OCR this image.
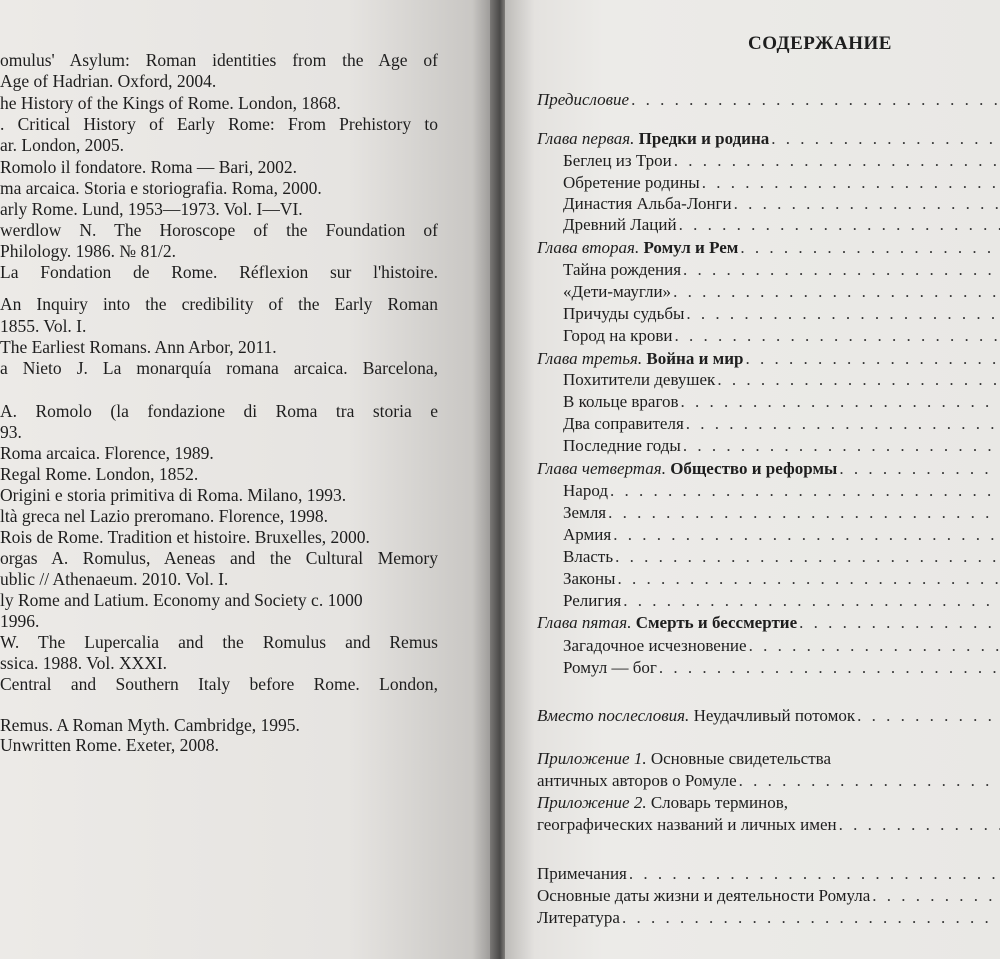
omulus' Asylum: Roman identities from the Age of
Age of Hadrian. Oxford, 2004.
he History of the Kings of Rome. London, 1868.
. Critical History of Early Rome: From Prehistory to
ar. London, 2005.
Romolo il fondatore. Roma — Bari, 2002.
ma arcaica. Storia e storiografia. Roma, 2000.
arly Rome. Lund, 1953—1973. Vol. I—VI.
werdlow N. The Horoscope of the Foundation of
Philology. 1986. № 81/2.
La Fondation de Rome. Réflexion sur l'histoire.
An Inquiry into the credibility of the Early Roman
1855. Vol. I.
The Earliest Romans. Ann Arbor, 2011.
a Nieto J. La monarquía romana arcaica. Barcelona,
A. Romolo (la fondazione di Roma tra storia e
93.
Roma arcaica. Florence, 1989.
Regal Rome. London, 1852.
Origini e storia primitiva di Roma. Milano, 1993.
ltà greca nel Lazio preromano. Florence, 1998.
Rois de Rome. Tradition et histoire. Bruxelles, 2000.
orgas A. Romulus, Aeneas and the Cultural Memory
ublic // Athenaeum. 2010. Vol. I.
ly Rome and Latium. Economy and Society c. 1000
1996.
W. The Lupercalia and the Romulus and Remus
ssica. 1988. Vol. XXXI.
Central and Southern Italy before Rome. London,
Remus. A Roman Myth. Cambridge, 1995.
Unwritten Rome. Exeter, 2008.
СОДЕРЖАНИЕ
Предисловие
. . .
Глава первая. Предки и родина
. . .
Беглец из Трои
. . .
Обретение родины
. . .
Династия Альба-Лонги
. . .
Древний Лаций
. . .
Глава вторая. Ромул и Рем
. . .
Тайна рождения
. . .
«Дети-маугли»
. . .
Причуды судьбы
. . .
Город на крови
. . .
Глава третья. Война и мир
. . .
Похитители девушек
. . .
В кольце врагов
. . .
Два соправителя
. . .
Последние годы
. . .
Глава четвертая. Общество и реформы
. . .
Народ
. . .
Земля
. . .
Армия
. . .
Власть
. . .
Законы
. . .
Религия
. . .
Глава пятая. Смерть и бессмертие
. . .
Загадочное исчезновение
. . .
Ромул — бог
. . .
Вместо послесловия. Неудачливый потомок
. . .
Приложение 1. Основные свидетельства
античных авторов о Ромуле
. . .
Приложение 2. Словарь терминов,
географических названий и личных имен
. . .
Примечания
. . .
Основные даты жизни и деятельности Ромула
. . .
Литература
. . .
